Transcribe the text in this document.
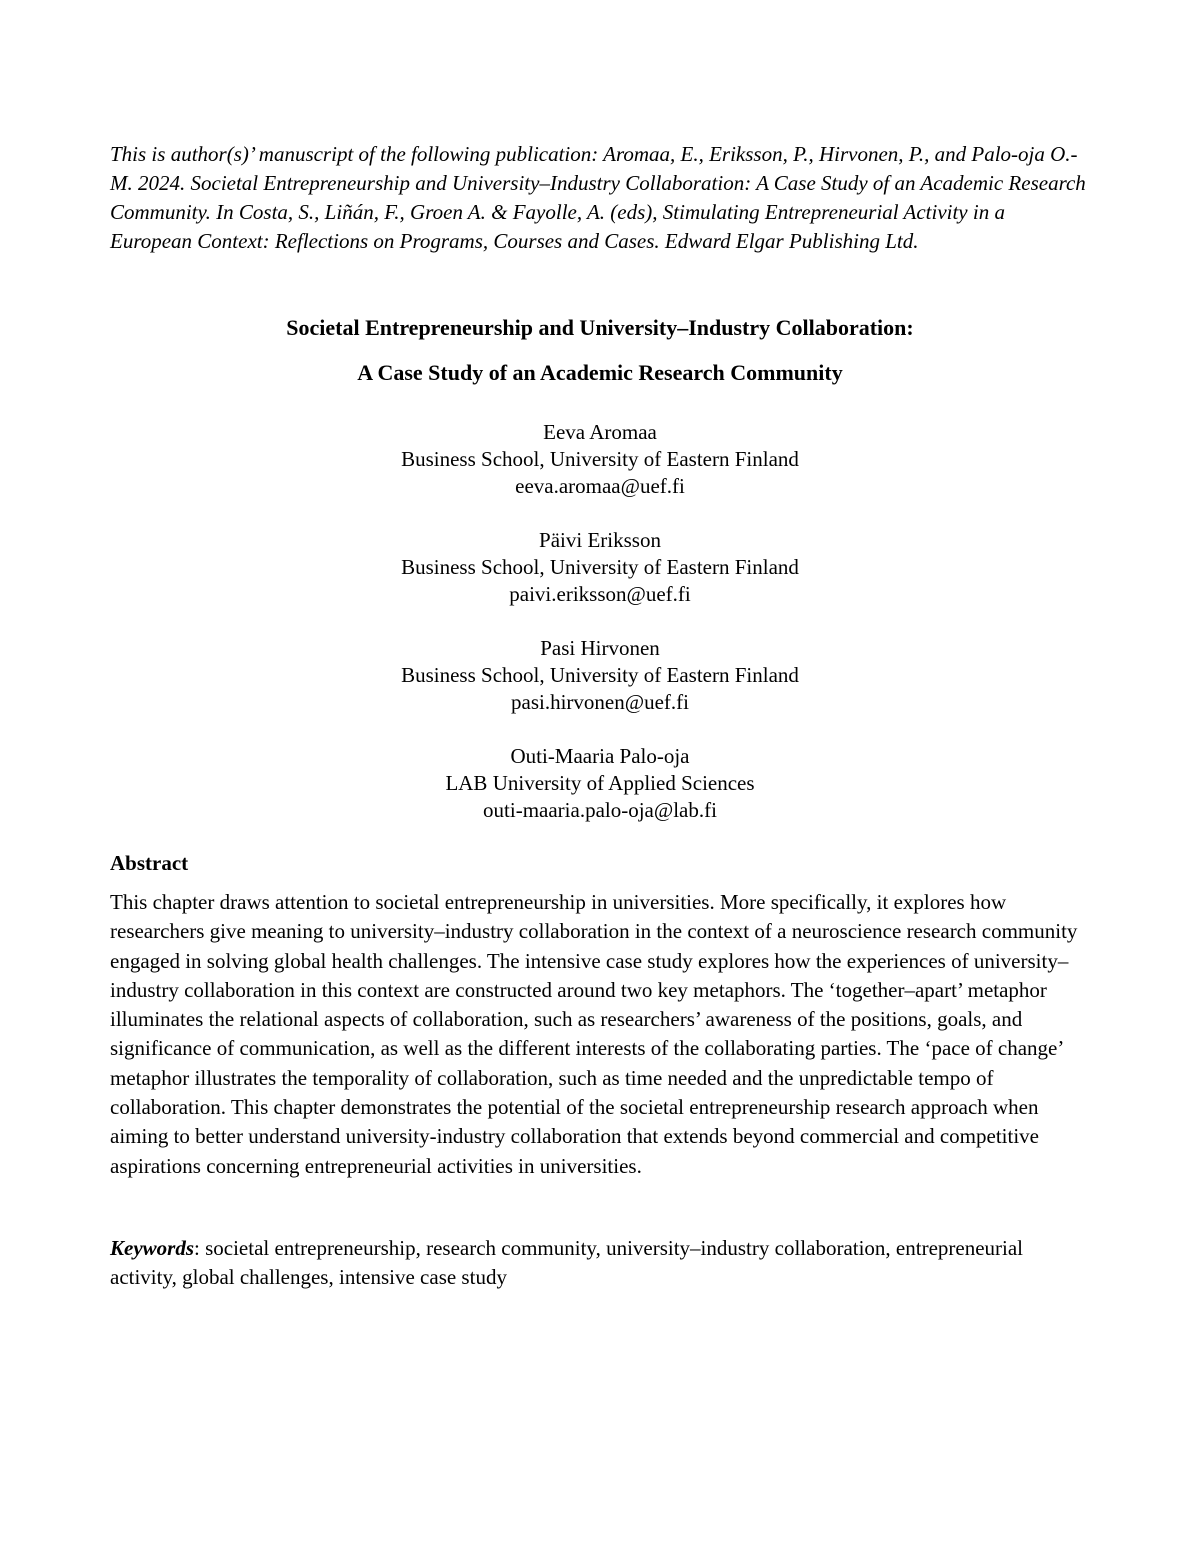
This is author(s)’ manuscript of the following publication: Aromaa, E., Eriksson, P., Hirvonen, P., and Palo-oja O.-M. 2024. Societal Entrepreneurship and University–Industry Collaboration: A Case Study of an Academic Research Community. In Costa, S., Liñán, F., Groen A. & Fayolle, A. (eds), Stimulating Entrepreneurial Activity in a European Context: Reflections on Programs, Courses and Cases. Edward Elgar Publishing Ltd.

Societal Entrepreneurship and University–Industry Collaboration:
A Case Study of an Academic Research Community
Eeva Aromaa
Business School, University of Eastern Finland
eeva.aromaa@uef.fi
Päivi Eriksson
Business School, University of Eastern Finland
paivi.eriksson@uef.fi
Pasi Hirvonen
Business School, University of Eastern Finland
pasi.hirvonen@uef.fi
Outi-Maaria Palo-oja
LAB University of Applied Sciences
outi-maaria.palo-oja@lab.fi
Abstract

This chapter draws attention to societal entrepreneurship in universities. More specifically, it explores how researchers give meaning to university–industry collaboration in the context of a neuroscience research community engaged in solving global health challenges. The intensive case study explores how the experiences of university–industry collaboration in this context are constructed around two key metaphors. The ‘together–apart’ metaphor illuminates the relational aspects of collaboration, such as researchers’ awareness of the positions, goals, and significance of communication, as well as the different interests of the collaborating parties. The ‘pace of change’ metaphor illustrates the temporality of collaboration, such as time needed and the unpredictable tempo of collaboration. This chapter demonstrates the potential of the societal entrepreneurship research approach when aiming to better understand university-industry collaboration that extends beyond commercial and competitive aspirations concerning entrepreneurial activities in universities.

Keywords: societal entrepreneurship, research community, university–industry collaboration, entrepreneurial activity, global challenges, intensive case study
